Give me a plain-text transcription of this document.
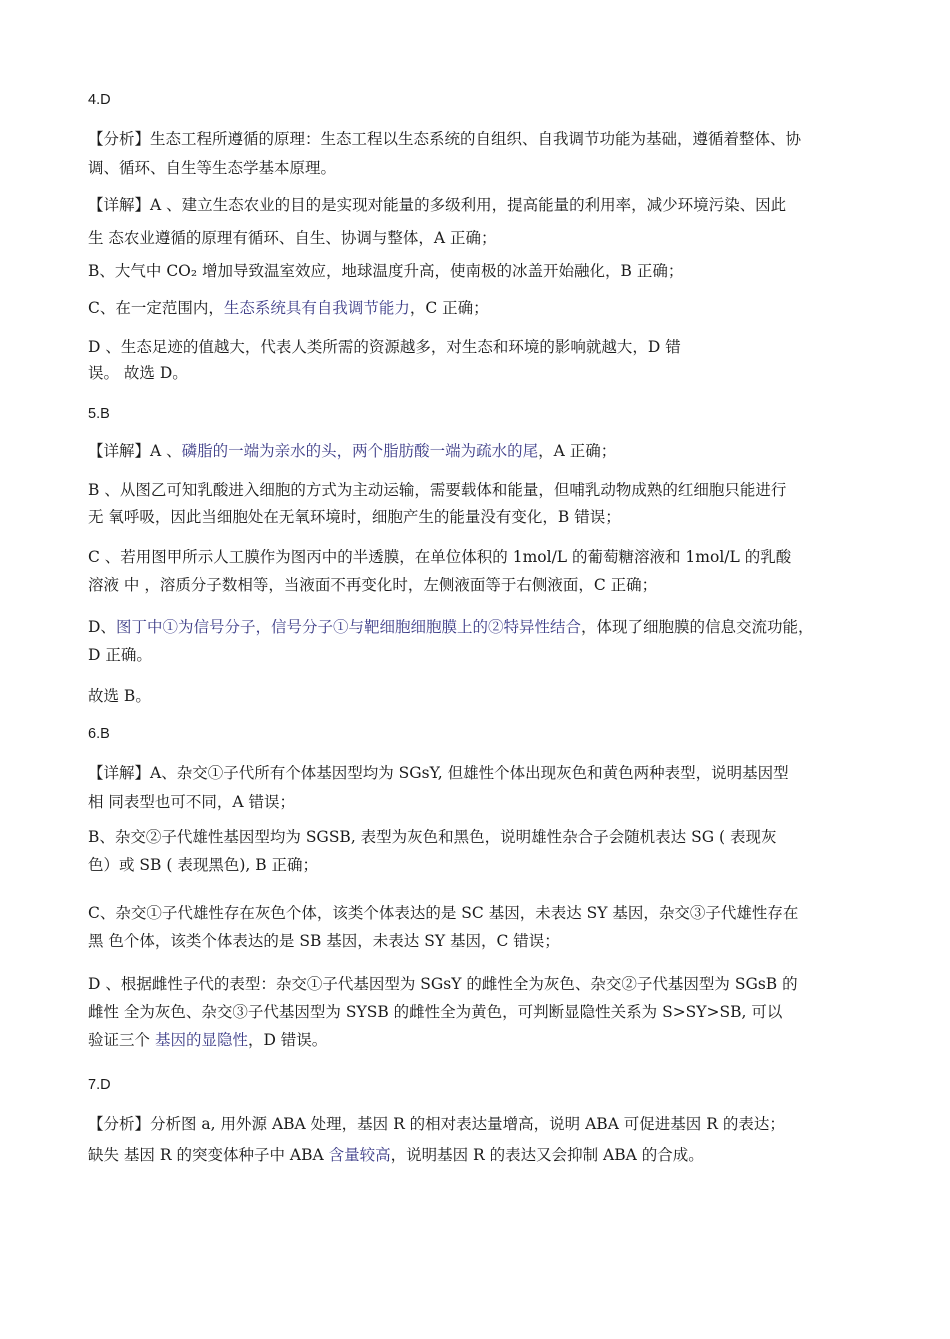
4.D

【分析】生态工程所遵循的原理：生态工程以生态系统的自组织、自我调节功能为基础，遵循着整体、协

调、循环、自生等生态学基本原理。

【详解】A 、建立生态农业的目的是实现对能量的多级利用，提高能量的利用率，减少环境污染、因此

生 态农业遵循的原理有循环、自生、协调与整体，A 正确；

B、大气中 CO₂ 增加导致温室效应，地球温度升高，使南极的冰盖开始融化，B 正确；

C、在一定范围内，生态系统具有自我调节能力，C 正确；

D 、生态足迹的值越大，代表人类所需的资源越多，对生态和环境的影响就越大，D 错

误。 故选 D。

5.B

【详解】A 、磷脂的一端为亲水的头，两个脂肪酸一端为疏水的尾，A 正确；

B 、从图乙可知乳酸进入细胞的方式为主动运输，需要载体和能量，但哺乳动物成熟的红细胞只能进行

无 氧呼吸，因此当细胞处在无氧环境时，细胞产生的能量没有变化，B 错误；

C 、若用图甲所示人工膜作为图丙中的半透膜，在单位体积的 1mol/L 的葡萄糖溶液和 1mol/L 的乳酸

溶液 中 ，溶质分子数相等，当液面不再变化时，左侧液面等于右侧液面，C 正确；

D、图丁中①为信号分子，信号分子①与靶细胞细胞膜上的②特异性结合，体现了细胞膜的信息交流功能，

D 正确。

故选 B。

6.B

【详解】A、杂交①子代所有个体基因型均为 SGsY, 但雄性个体出现灰色和黄色两种表型，说明基因型

相 同表型也可不同，A 错误；

B、杂交②子代雄性基因型均为 SGSB, 表型为灰色和黑色，说明雄性杂合子会随机表达 SG ( 表现灰

色）或 SB ( 表现黑色), B 正确；

C、杂交①子代雄性存在灰色个体，该类个体表达的是 SC 基因，未表达 SY 基因，杂交③子代雄性存在

黑 色个体，该类个体表达的是 SB 基因，未表达 SY 基因，C 错误；

D 、根据雌性子代的表型：杂交①子代基因型为 SGsY 的雌性全为灰色、杂交②子代基因型为 SGsB 的

雌性 全为灰色、杂交③子代基因型为 SYSB 的雌性全为黄色，可判断显隐性关系为 S>SY>SB, 可以

验证三个 基因的显隐性，D 错误。

7.D

【分析】分析图 a, 用外源 ABA 处理，基因 R 的相对表达量增高，说明 ABA 可促进基因 R 的表达；

缺失 基因 R 的突变体种子中 ABA 含量较高，说明基因 R 的表达又会抑制 ABA 的合成。
